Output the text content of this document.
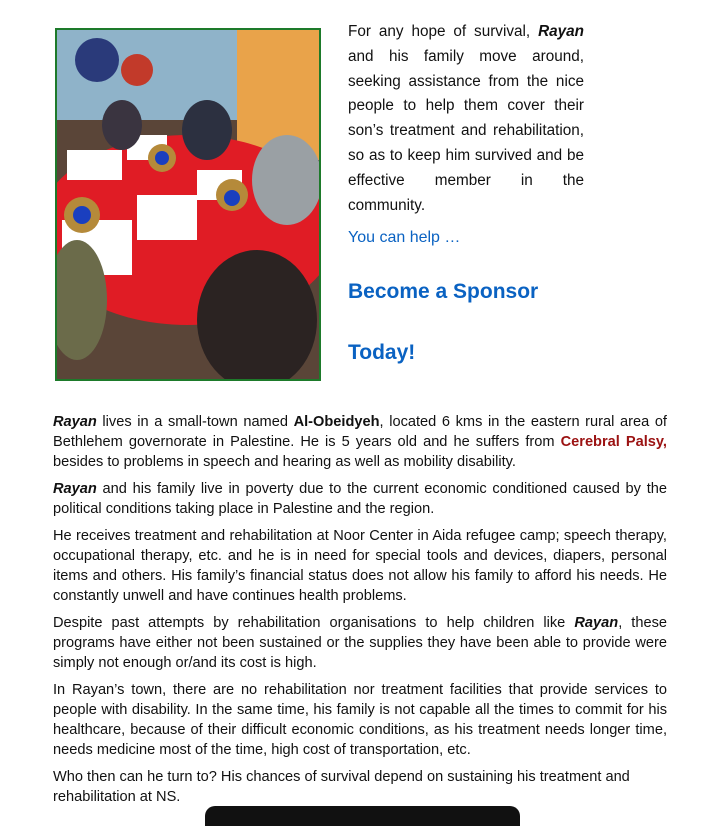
For any hope of survival, Rayan and his family move around, seeking assistance from the nice people to help them cover their son’s treatment and rehabilitation, so as to keep him survived and be effective member in the community.

You can help …

Become a Sponsor
Today!

Rayan lives in a small-town named Al-Obeidyeh, located 6 kms in the eastern rural area of Bethlehem governorate in Palestine. He is 5 years old and he suffers from Cerebral Palsy, besides to problems in speech and hearing as well as mobility disability.

Rayan and his family live in poverty due to the current economic conditioned caused by the political conditions taking place in Palestine and the region.

He receives treatment and rehabilitation at Noor Center in Aida refugee camp; speech therapy, occupational therapy, etc. and he is in need for special tools and devices, diapers, personal items and others. His family’s financial status does not allow his family to afford his needs. He constantly unwell and have continues health problems.

Despite past attempts by rehabilitation organisations to help children like Rayan, these programs have either not been sustained or the supplies they have been able to provide were simply not enough or/and its cost is high.

In Rayan’s town, there are no rehabilitation nor treatment facilities that provide services to people with disability. In the same time, his family is not capable all the times to commit for his healthcare, because of their difficult economic conditions, as his treatment needs longer time, needs medicine most of the time, high cost of transportation, etc.

Who then can he turn to? His chances of survival depend on sustaining his treatment and rehabilitation at NS.
